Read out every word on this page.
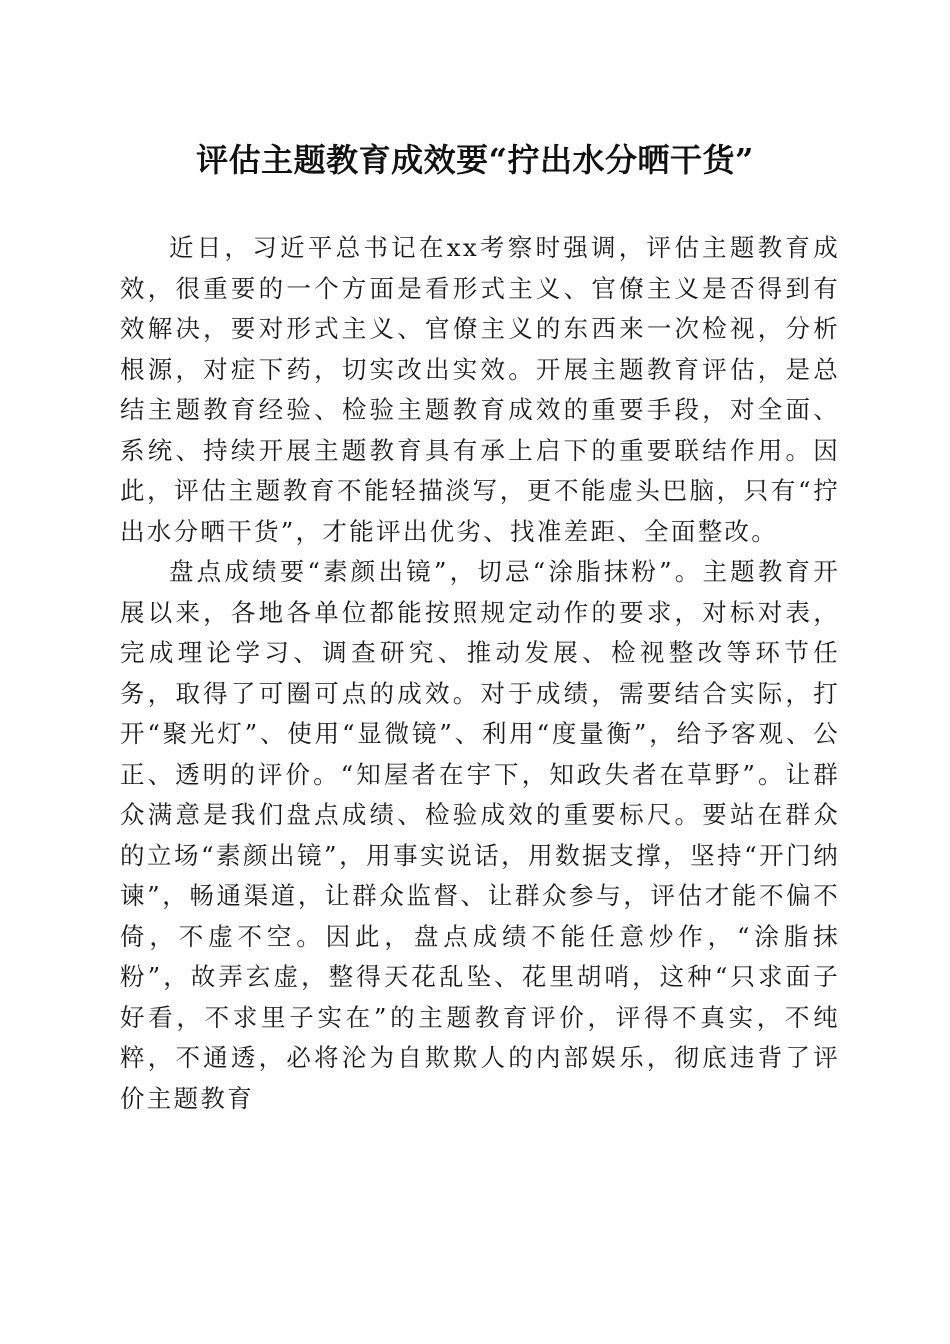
评估主题教育成效要“拧出水分晒干货”

近日，习近平总书记在xx考察时强调，评估主题教育成效，很重要的一个方面是看形式主义、官僚主义是否得到有效解决，要对形式主义、官僚主义的东西来一次检视，分析根源，对症下药，切实改出实效。开展主题教育评估，是总结主题教育经验、检验主题教育成效的重要手段，对全面、系统、持续开展主题教育具有承上启下的重要联结作用。因此，评估主题教育不能轻描淡写，更不能虚头巴脑，只有“拧出水分晒干货”，才能评出优劣、找准差距、全面整改。

盘点成绩要“素颜出镜”，切忌“涂脂抹粉”。主题教育开展以来，各地各单位都能按照规定动作的要求，对标对表，完成理论学习、调查研究、推动发展、检视整改等环节任务，取得了可圈可点的成效。对于成绩，需要结合实际，打开“聚光灯”、使用“显微镜”、利用“度量衡”，给予客观、公正、透明的评价。“知屋者在宇下，知政失者在草野”。让群众满意是我们盘点成绩、检验成效的重要标尺。要站在群众的立场“素颜出镜”，用事实说话，用数据支撑，坚持“开门纳谏”，畅通渠道，让群众监督、让群众参与，评估才能不偏不倚，不虚不空。因此，盘点成绩不能任意炒作，“涂脂抹粉”，故弄玄虚，整得天花乱坠、花里胡哨，这种“只求面子好看，不求里子实在”的主题教育评价，评得不真实，不纯粹，不通透，必将沦为自欺欺人的内部娱乐，彻底违背了评价主题教育
